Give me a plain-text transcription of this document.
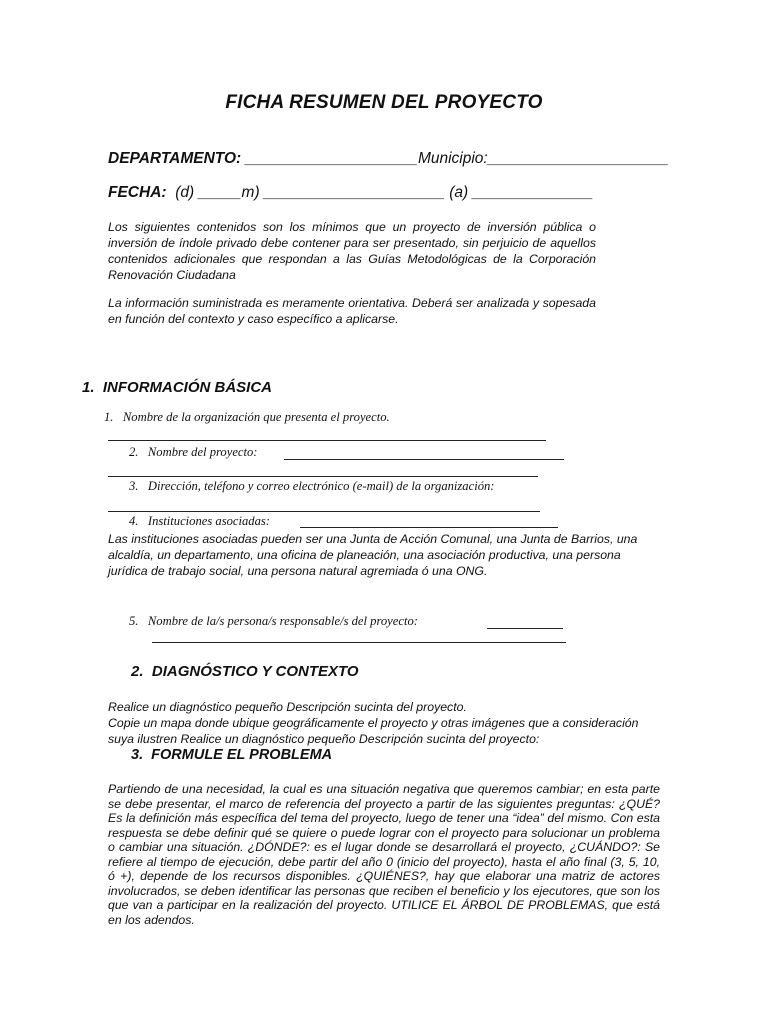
FICHA RESUMEN DEL PROYECTO
DEPARTAMENTO: ____________________Municipio:_____________________
FECHA: (d) _____m) _____________________ (a) ______________

Los siguientes contenidos son los mínimos que un proyecto de inversión pública o inversión de índole privado debe contener para ser presentado, sin perjuicio de aquellos contenidos adicionales que respondan a las Guías Metodológicas de la Corporación Renovación Ciudadana

La información suministrada es meramente orientativa. Deberá ser analizada y sopesada en función del contexto y caso específico a aplicarse.

1. INFORMACIÓN BÁSICA
1. Nombre de la organización que presenta el proyecto.
2. Nombre del proyecto:
3. Dirección, teléfono y correo electrónico (e-mail) de la organización:
4. Instituciones asociadas:

Las instituciones asociadas pueden ser una Junta de Acción Comunal, una Junta de Barrios, una alcaldía, un departamento, una oficina de planeación, una asociación productiva, una persona jurídica de trabajo social, una persona natural agremiada ó una ONG.

5. Nombre de la/s persona/s responsable/s del proyecto:
2. DIAGNÓSTICO Y CONTEXTO

Realice un diagnóstico pequeño Descripción sucinta del proyecto.

Copie un mapa donde ubique geográficamente el proyecto y otras imágenes que a consideración suya ilustren Realice un diagnóstico pequeño Descripción sucinta del proyecto:

3. FORMULE EL PROBLEMA

Partiendo de una necesidad, la cual es una situación negativa que queremos cambiar; en esta parte se debe presentar, el marco de referencia del proyecto a partir de las siguientes preguntas: ¿QUÉ? Es la definición más específica del tema del proyecto, luego de tener una “idea” del mismo. Con esta respuesta se debe definir qué se quiere o puede lograr con el proyecto para solucionar un problema o cambiar una situación. ¿DÓNDE?: es el lugar donde se desarrollará el proyecto, ¿CUÁNDO?: Se refiere al tiempo de ejecución, debe partir del año 0 (inicio del proyecto), hasta el año final (3, 5, 10, ó +), depende de los recursos disponibles. ¿QUIÉNES?, hay que elaborar una matriz de actores involucrados, se deben identificar las personas que reciben el beneficio y los ejecutores, que son los que van a participar en la realización del proyecto. UTILICE EL ÁRBOL DE PROBLEMAS, que está en los adendos.
